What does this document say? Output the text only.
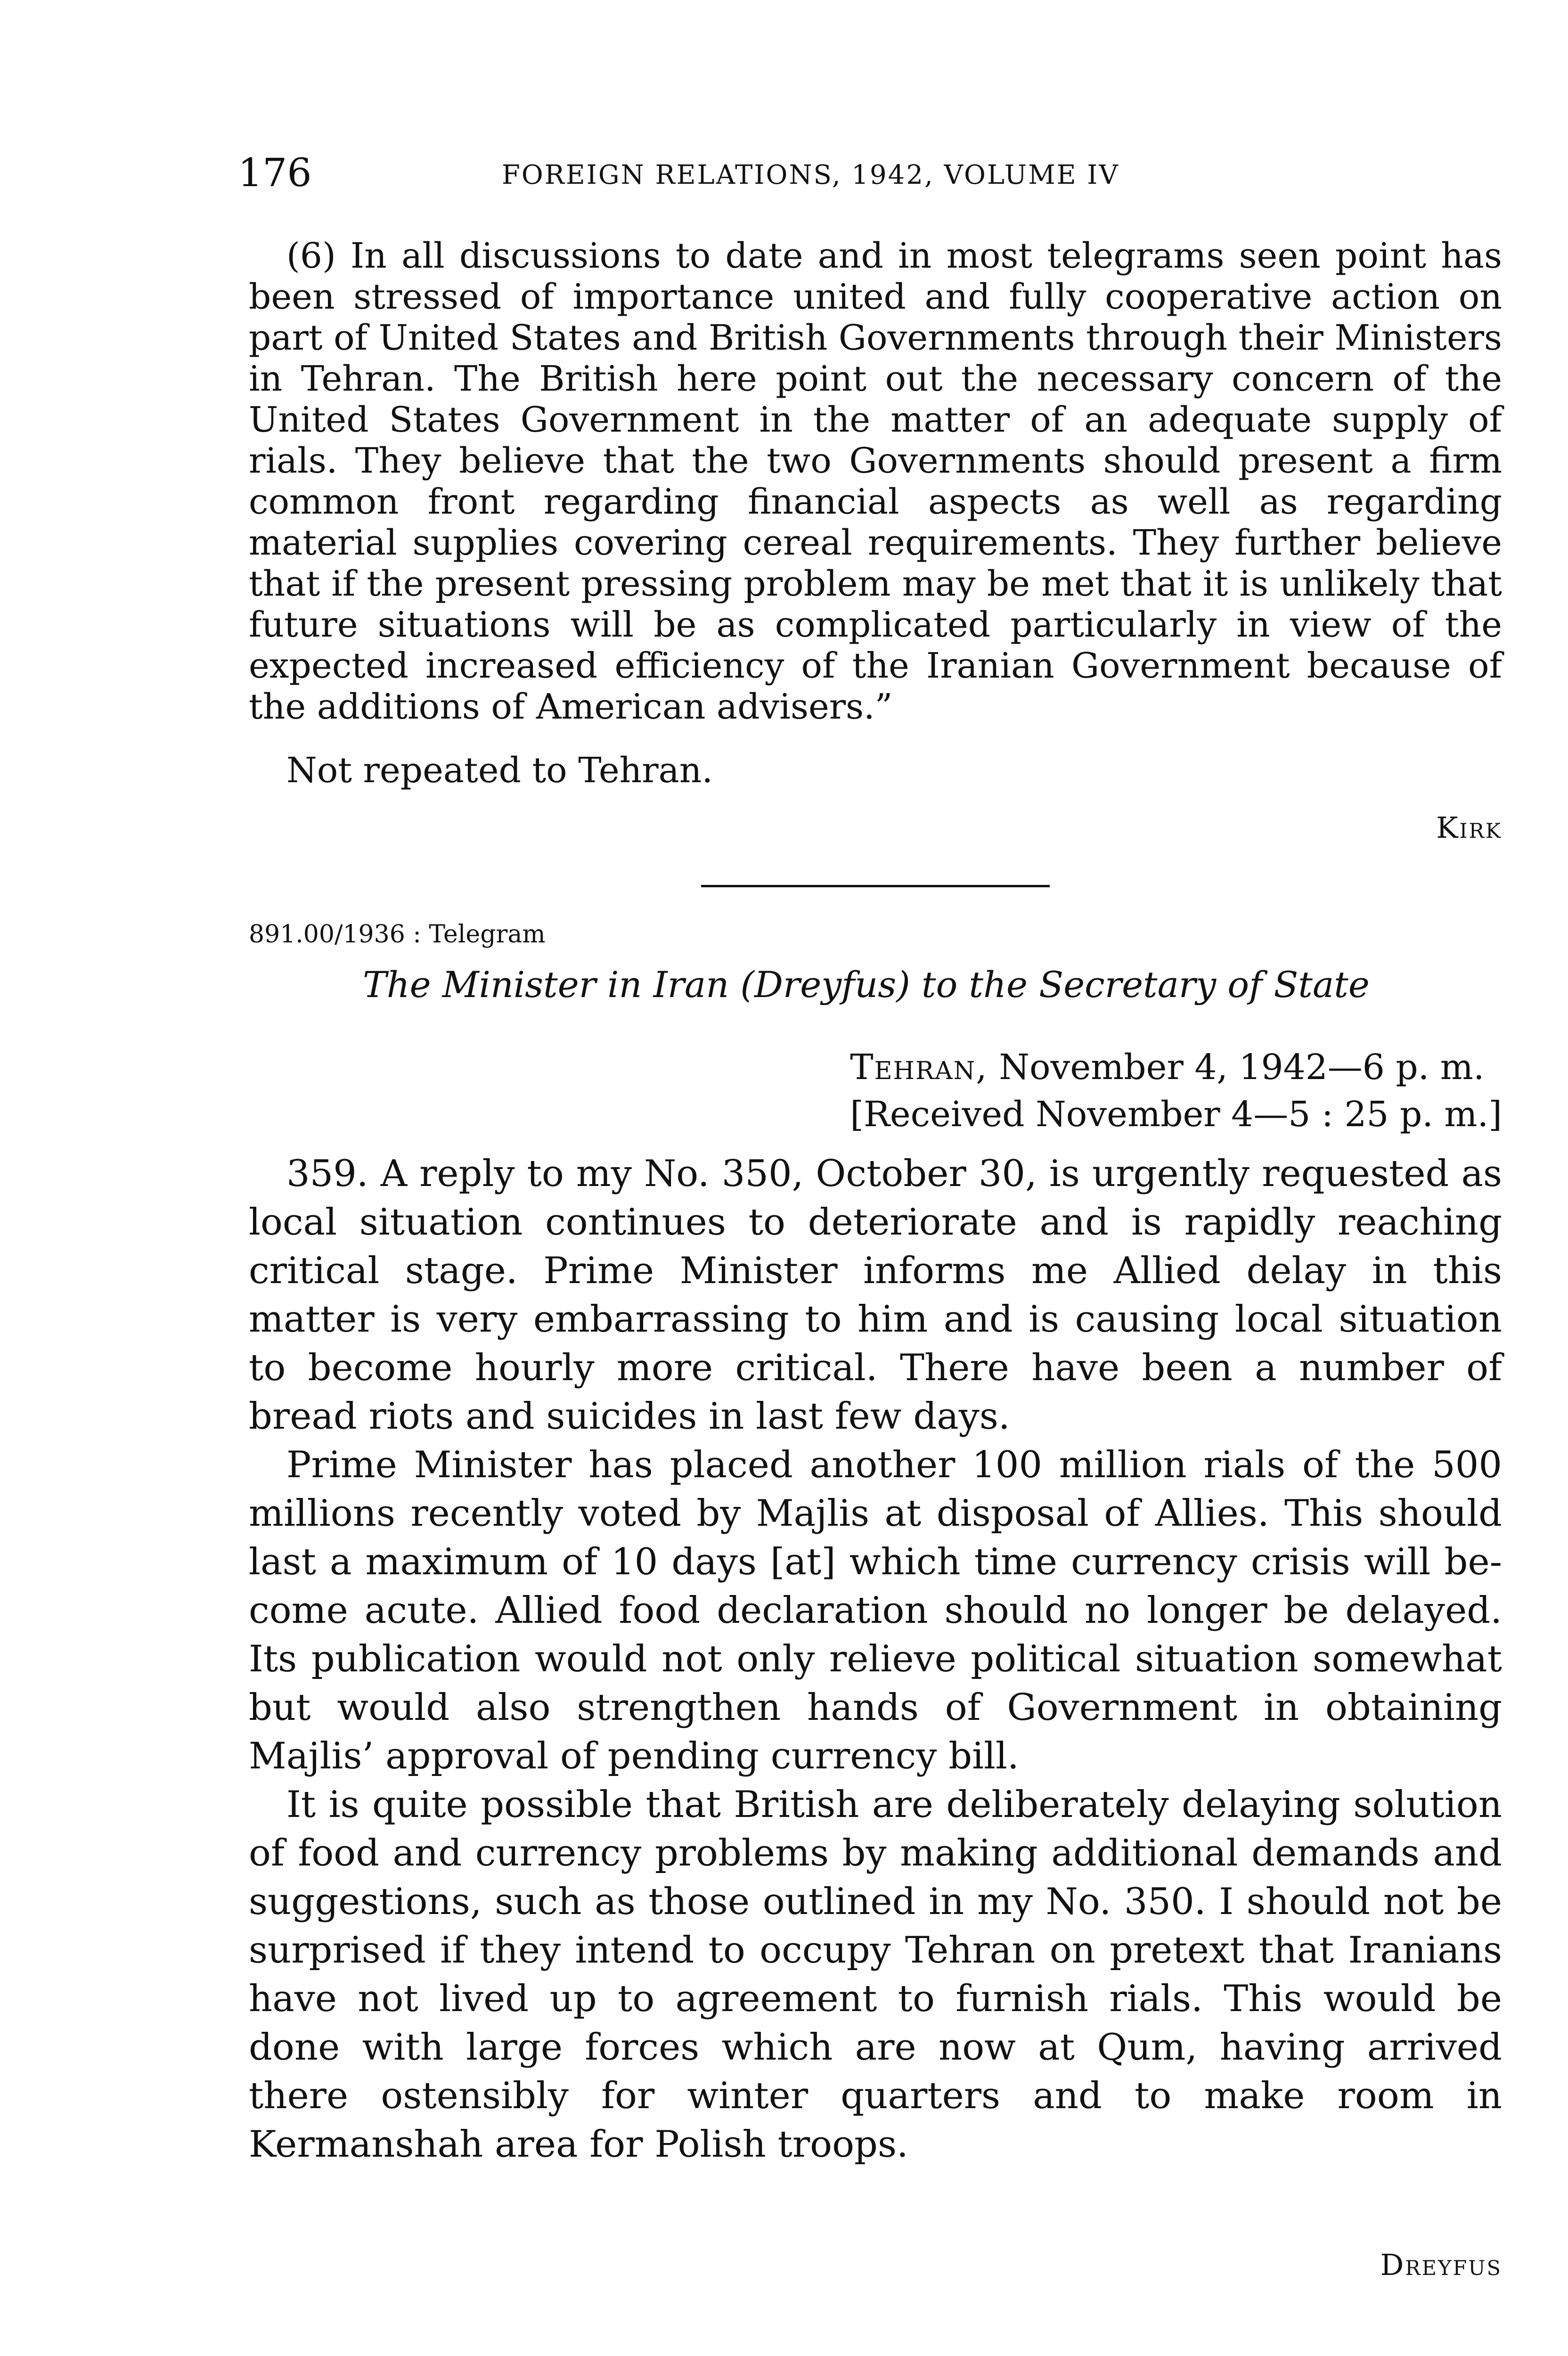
176	FOREIGN RELATIONS, 1942, VOLUME IV

(6) In all discussions to date and in most telegrams seen point has been stressed of importance united and fully cooperative action on part of United States and British Governments through their Ministers in Tehran. The British here point out the necessary concern of the United States Government in the matter of an adequate supply of rials. They believe that the two Governments should present a firm common front regarding financial aspects as well as regarding material supplies covering cereal requirements. They further believe that if the present pressing problem may be met that it is unlikely that future situations will be as complicated particularly in view of the expected increased efficiency of the Iranian Government because of the additions of American advisers.”

Not repeated to Tehran.
Kirk
891.00/1936 : Telegram
The Minister in Iran (Dreyfus) to the Secretary of State
Tehran, November 4, 1942—6 p. m.
[Received November 4—5 : 25 p. m.]

359. A reply to my No. 350, October 30, is urgently requested as local situation continues to deteriorate and is rapidly reaching critical stage. Prime Minister informs me Allied delay in this matter is very embarrassing to him and is causing local situation to become hourly more critical. There have been a number of bread riots and suicides in last few days.

Prime Minister has placed another 100 million rials of the 500 millions recently voted by Majlis at disposal of Allies. This should last a maximum of 10 days [at] which time currency crisis will become acute. Allied food declaration should no longer be delayed. Its publication would not only relieve political situation somewhat but would also strengthen hands of Government in obtaining Majlis’ approval of pending currency bill.

It is quite possible that British are deliberately delaying solution of food and currency problems by making additional demands and suggestions, such as those outlined in my No. 350. I should not be surprised if they intend to occupy Tehran on pretext that Iranians have not lived up to agreement to furnish rials. This would be done with large forces which are now at Qum, having arrived there ostensibly for winter quarters and to make room in Kermanshah area for Polish troops.

Dreyfus
